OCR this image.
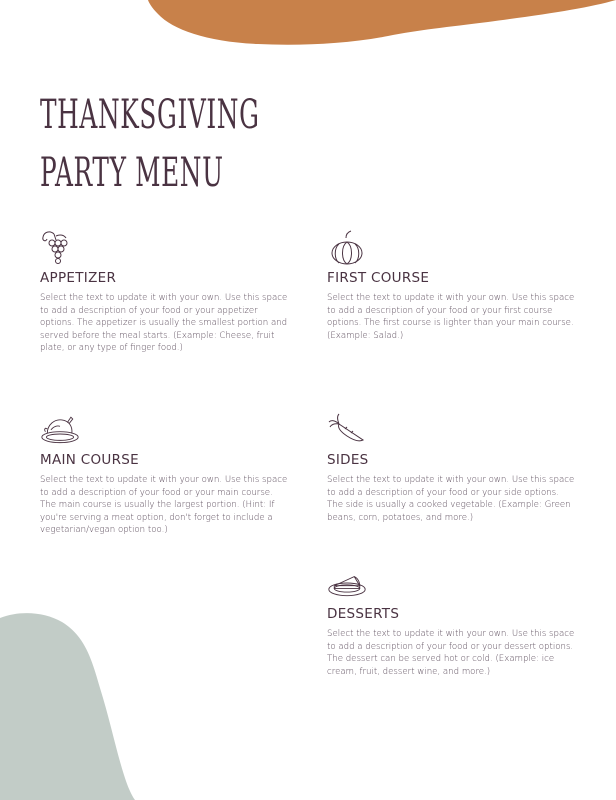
THANKSGIVING
PARTY MENU
APPETIZER

Select the text to update it with your own. Use this space to add a description of your food or your appetizer options. The appetizer is usually the smallest portion and served before the meal starts. (Example: Cheese, fruit plate, or any type of finger food.)

FIRST COURSE

Select the text to update it with your own. Use this space to add a description of your food or your first course options. The first course is lighter than your main course. (Example: Salad.)

MAIN COURSE

Select the text to update it with your own. Use this space to add a description of your food or your main course. The main course is usually the largest portion. (Hint: If you're serving a meat option, don't forget to include a vegetarian/vegan option too.)

SIDES

Select the text to update it with your own. Use this space to add a description of your food or your side options. The side is usually a cooked vegetable. (Example: Green beans, corn, potatoes, and more.)

DESSERTS

Select the text to update it with your own. Use this space to add a description of your food or your dessert options. The dessert can be served hot or cold. (Example: ice cream, fruit, dessert wine, and more.)
